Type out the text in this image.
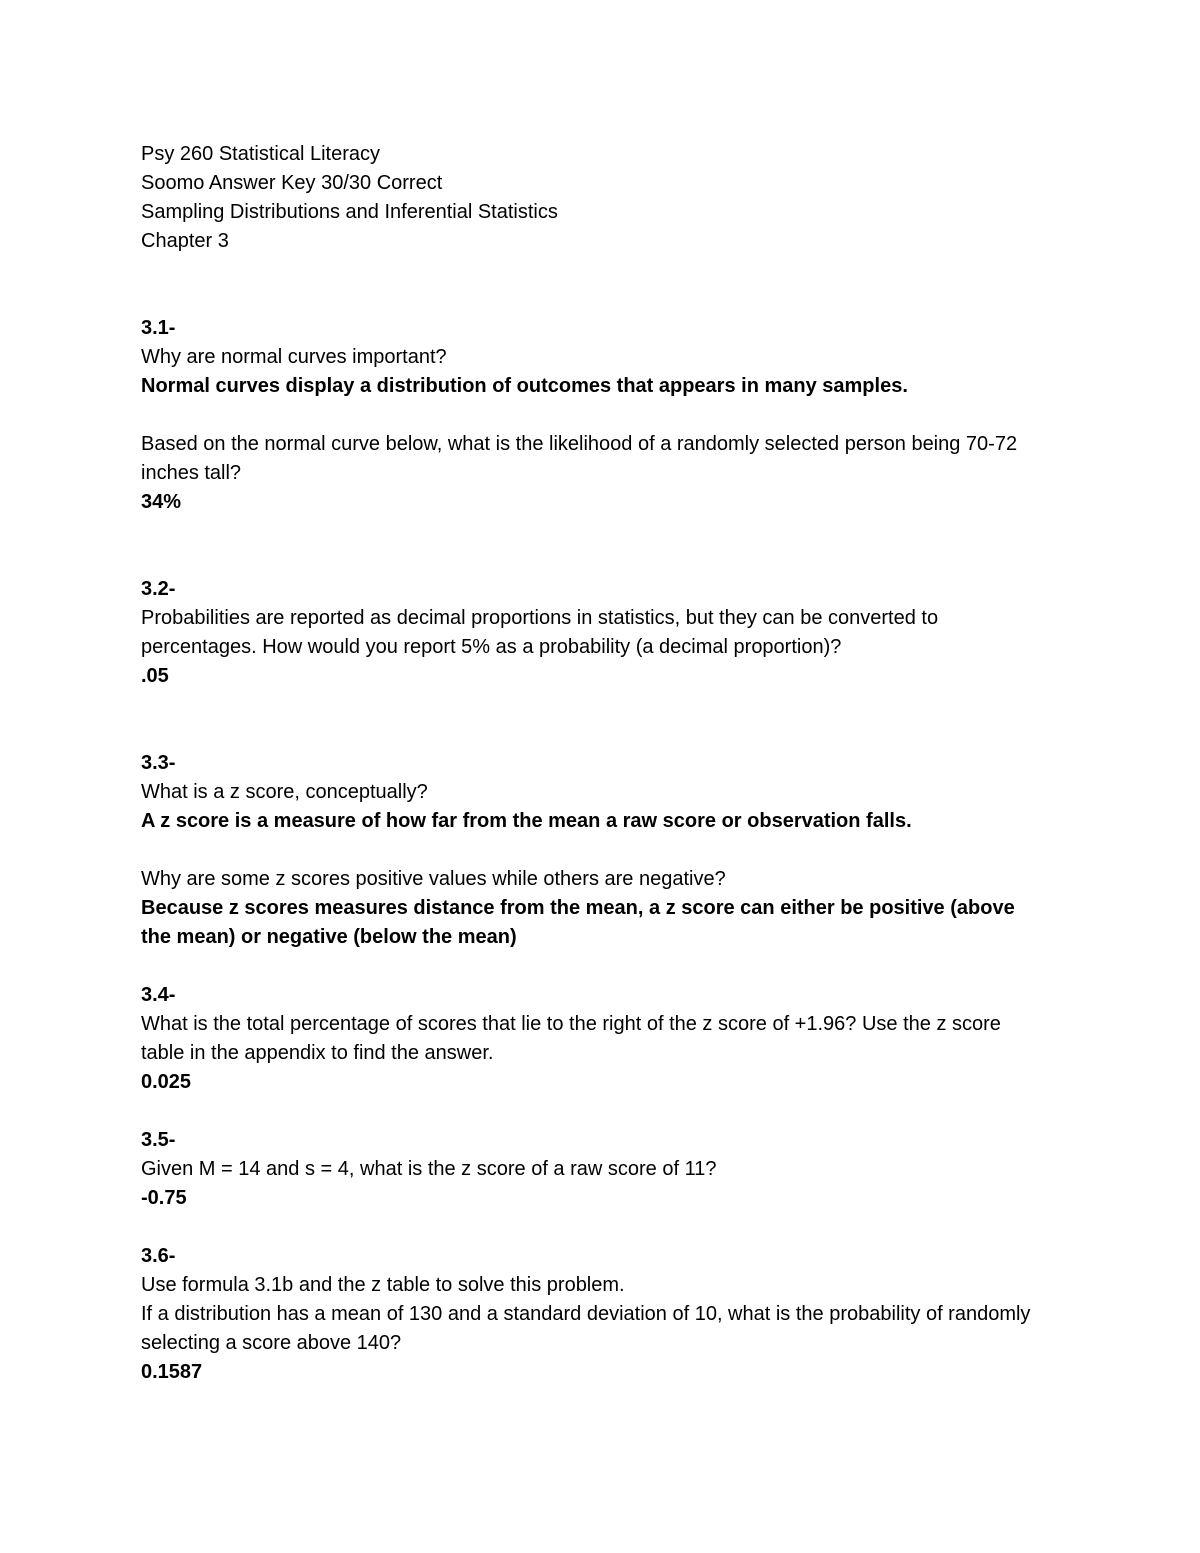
Psy 260 Statistical Literacy
Soomo Answer Key 30/30 Correct
Sampling Distributions and Inferential Statistics
Chapter 3
3.1-
Why are normal curves important?
Normal curves display a distribution of outcomes that appears in many samples.
Based on the normal curve below, what is the likelihood of a randomly selected person being 70-72 inches tall?
34%
3.2-
Probabilities are reported as decimal proportions in statistics, but they can be converted to percentages. How would you report 5% as a probability (a decimal proportion)?
.05
3.3-
What is a z score, conceptually?
A z score is a measure of how far from the mean a raw score or observation falls.
Why are some z scores positive values while others are negative?
Because z scores measures distance from the mean, a z score can either be positive (above the mean) or negative (below the mean)
3.4-
What is the total percentage of scores that lie to the right of the z score of +1.96? Use the z score table in the appendix to find the answer.
0.025
3.5-
Given M = 14 and s = 4, what is the z score of a raw score of 11?
-0.75
3.6-
Use formula 3.1b and the z table to solve this problem.
If a distribution has a mean of 130 and a standard deviation of 10, what is the probability of randomly selecting a score above 140?
0.1587
